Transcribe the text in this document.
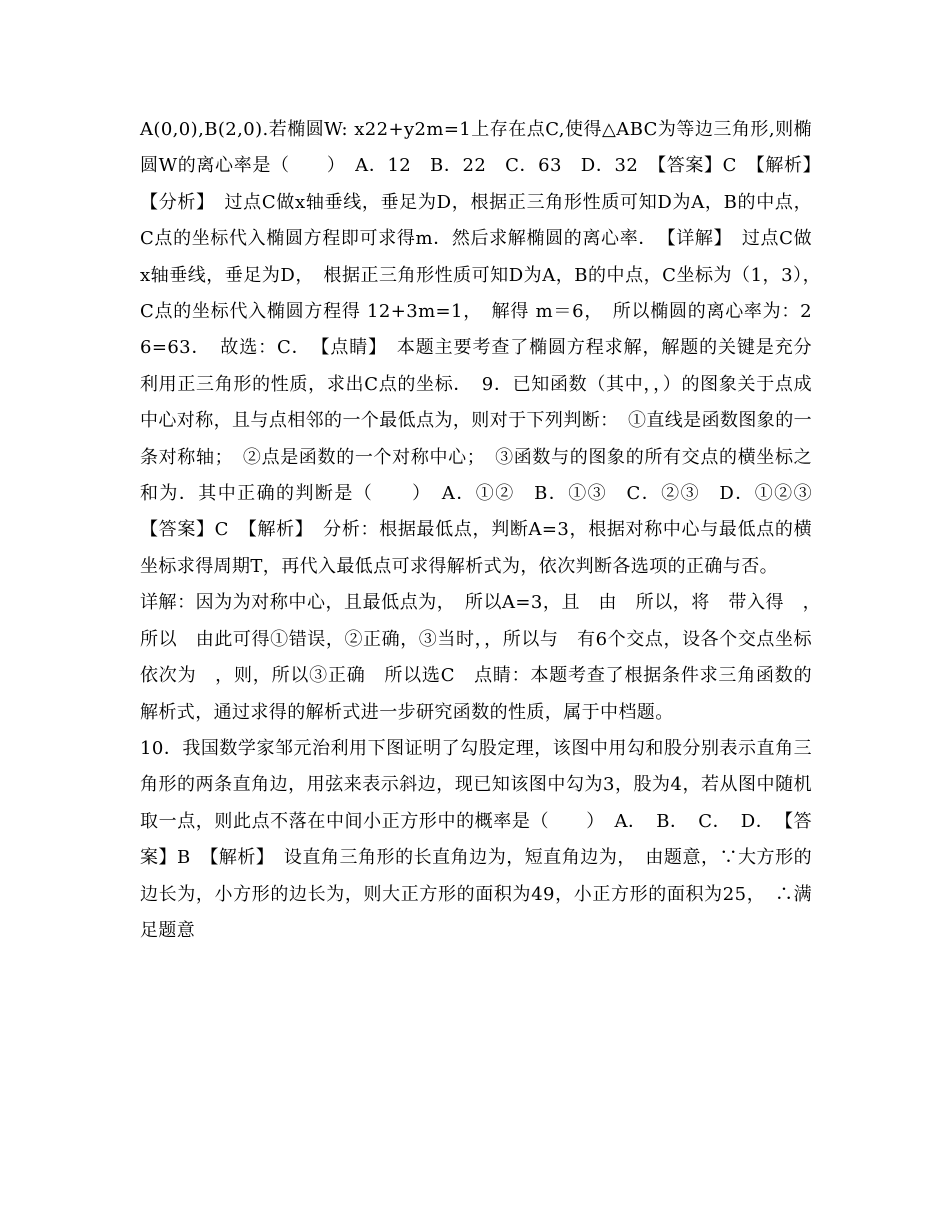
A(0,0),B(2,0).若椭圆W: x22+y2m=1上存在点C,使得△ABC为等边三角形,则椭圆W的离心率是（　　）　A．12　B．22　C．63　D．32　【答案】C　【解析】　【分析】　过点C做x轴垂线，垂足为D，根据正三角形性质可知D为A，B的中点，C点的坐标代入椭圆方程即可求得m．然后求解椭圆的离心率．　【详解】　过点C做x轴垂线，垂足为D，　根据正三角形性质可知D为A，B的中点，C坐标为（1，3），　C点的坐标代入椭圆方程得 12+3m=1，　解得 m＝6，　所以椭圆的离心率为：26=63．　故选：C．　【点睛】　本题主要考查了椭圆方程求解，解题的关键是充分利用正三角形的性质，求出C点的坐标．　9．已知函数（其中，，）的图象关于点成中心对称，且与点相邻的一个最低点为，则对于下列判断：　①直线是函数图象的一条对称轴；　②点是函数的一个对称中心；　③函数与的图象的所有交点的横坐标之和为．其中正确的判断是（　　）　A．①②　B．①③　C．②③　D．①②③　【答案】C　【解析】　分析：根据最低点，判断A=3，根据对称中心与最低点的横坐标求得周期T，再代入最低点可求得解析式为，依次判断各选项的正确与否。

详解：因为为对称中心，且最低点为，　所以A=3，且　由　所以，将　带入得　，　所以　由此可得①错误，②正确，③当时，，所以与　有6个交点，设各个交点坐标依次为　，则，所以③正确　所以选C　点睛：本题考查了根据条件求三角函数的解析式，通过求得的解析式进一步研究函数的性质，属于中档题。

10．我国数学家邹元治利用下图证明了勾股定理，该图中用勾和股分别表示直角三角形的两条直角边，用弦来表示斜边，现已知该图中勾为3，股为4，若从图中随机取一点，则此点不落在中间小正方形中的概率是（　　）　A．　B．　C．　D．　【答案】B　【解析】　设直角三角形的长直角边为，短直角边为，　由题意，∵大方形的边长为，小方形的边长为，则大正方形的面积为49，小正方形的面积为25，　∴满足题意
